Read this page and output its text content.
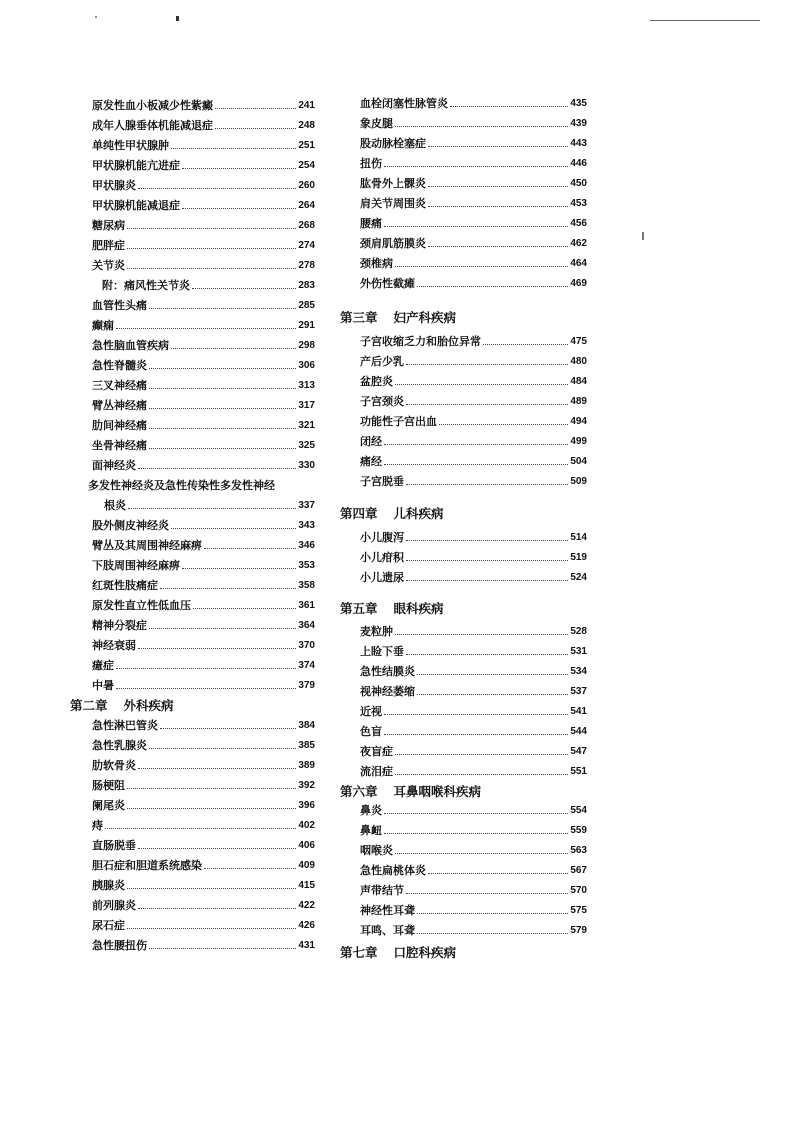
原发性血小板减少性紫癜	241
成年人腺垂体机能减退症	248
单纯性甲状腺肿	251
甲状腺机能亢进症	254
甲状腺炎	260
甲状腺机能减退症	264
糖尿病	268
肥胖症	274
关节炎	278
附：痛风性关节炎	283
血管性头痛	285
癫痫	291
急性脑血管疾病	298
急性脊髓炎	306
三叉神经痛	313
臂丛神经痛	317
肋间神经痛	321
坐骨神经痛	325
面神经炎	330
多发性神经炎及急性传染性多发性神经
根炎	337
股外侧皮神经炎	343
臂丛及其周围神经麻痹	346
下肢周围神经麻痹	353
红斑性肢痛症	358
原发性直立性低血压	361
精神分裂症	364
神经衰弱	370
癔症	374
中暑	379
第二章 外科疾病
急性淋巴管炎	384
急性乳腺炎	385
肋软骨炎	389
肠梗阻	392
阑尾炎	396
痔	402
直肠脱垂	406
胆石症和胆道系统感染	409
胰腺炎	415
前列腺炎	422
尿石症	426
急性腰扭伤	431
血栓闭塞性脉管炎	435
象皮腿	439
股动脉栓塞症	443
扭伤	446
肱骨外上髁炎	450
肩关节周围炎	453
腰痛	456
颈肩肌筋膜炎	462
颈椎病	464
外伤性截瘫	469
第三章 妇产科疾病
子宫收缩乏力和胎位异常	475
产后少乳	480
盆腔炎	484
子宫颈炎	489
功能性子宫出血	494
闭经	499
痛经	504
子宫脱垂	509
第四章 儿科疾病
小儿腹泻	514
小儿疳积	519
小儿遗尿	524
第五章 眼科疾病
麦粒肿	528
上睑下垂	531
急性结膜炎	534
视神经萎缩	537
近视	541
色盲	544
夜盲症	547
流泪症	551
第六章 耳鼻咽喉科疾病
鼻炎	554
鼻衄	559
咽喉炎	563
急性扁桃体炎	567
声带结节	570
神经性耳聋	575
耳鸣、耳聋	579
第七章 口腔科疾病
